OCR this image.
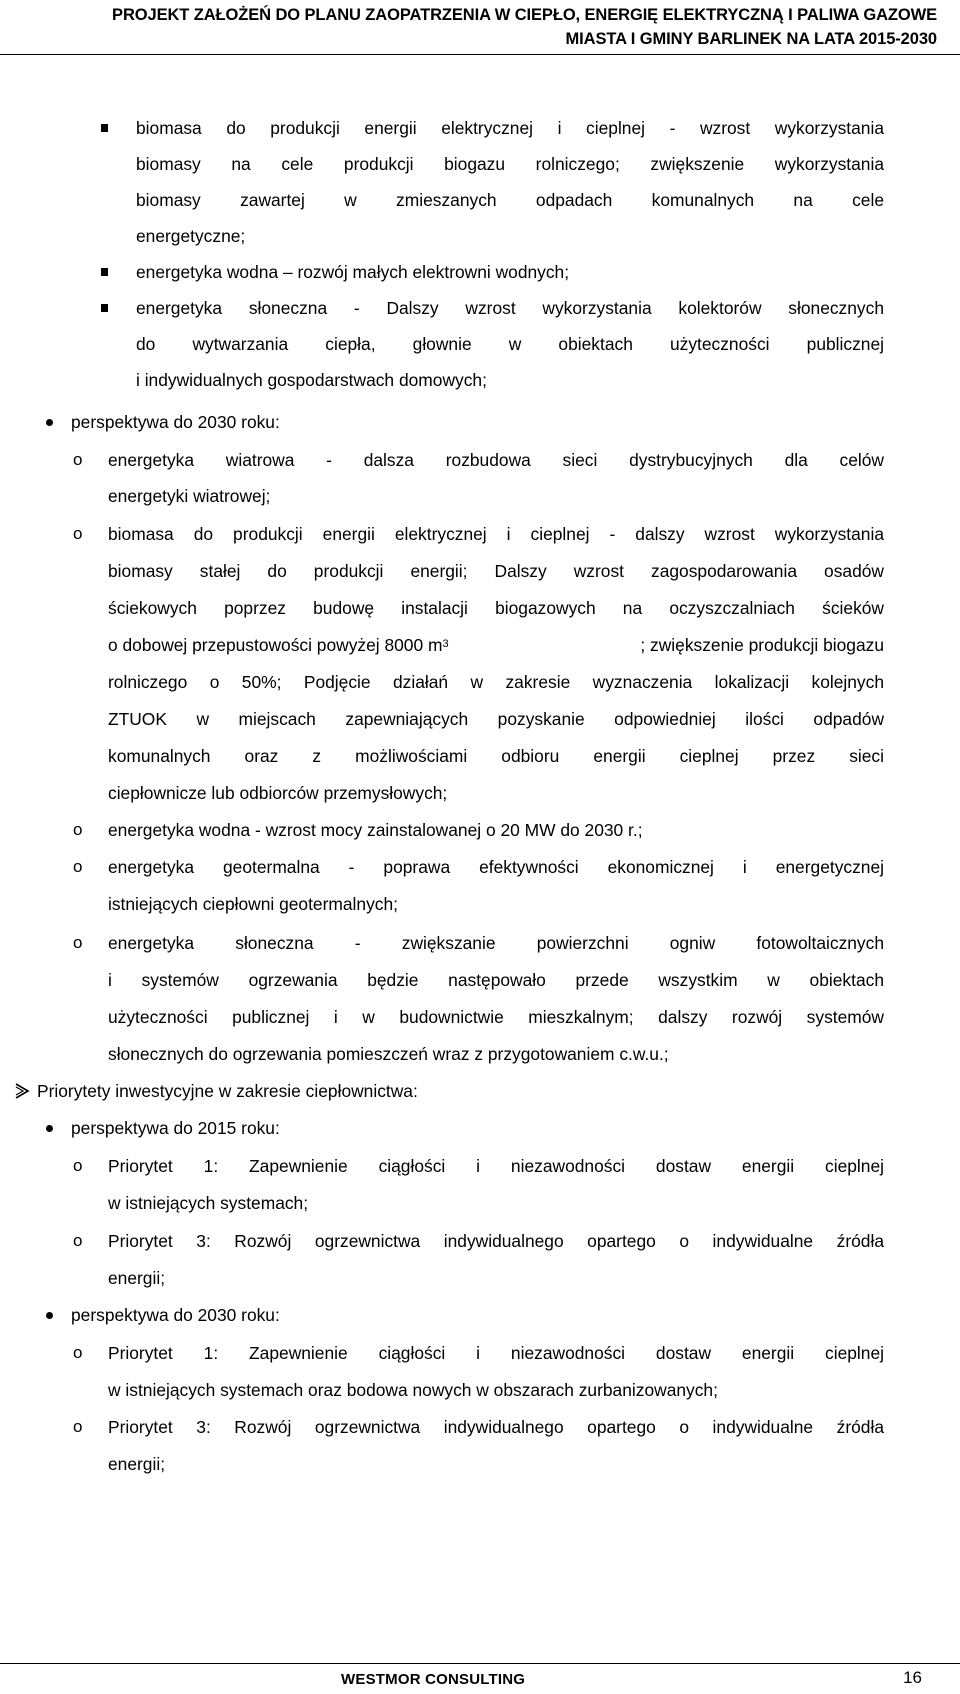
PROJEKT ZAŁOŻEŃ DO PLANU ZAOPATRZENIA W CIEPŁO, ENERGIĘ ELEKTRYCZNĄ I PALIWA GAZOWE
MIASTA I GMINY BARLINEK NA LATA 2015-2030
biomasa do produkcji energii elektrycznej i cieplnej - wzrost wykorzystania
biomasy na cele produkcji biogazu rolniczego; zwiększenie wykorzystania
biomasy zawartej w zmieszanych odpadach komunalnych na cele
energetyczne;
energetyka wodna – rozwój małych elektrowni wodnych;
energetyka słoneczna - Dalszy wzrost wykorzystania kolektorów słonecznych
do wytwarzania ciepła, głownie w obiektach użyteczności publicznej
i indywidualnych gospodarstwach domowych;
perspektywa do 2030 roku:
o energetyka wiatrowa - dalsza rozbudowa sieci dystrybucyjnych dla celów
energetyki wiatrowej;
o biomasa do produkcji energii elektrycznej i cieplnej - dalszy wzrost wykorzystania
biomasy stałej do produkcji energii; Dalszy wzrost zagospodarowania osadów
ściekowych poprzez budowę instalacji biogazowych na oczyszczalniach ścieków
o dobowej przepustowości powyżej 8000 $m^3$	; zwiększenie produkcji biogazu
rolniczego o 50%; Podjęcie działań w zakresie wyznaczenia lokalizacji kolejnych
ZTUOK w miejscach zapewniających pozyskanie odpowiedniej ilości odpadów
komunalnych oraz z możliwościami odbioru energii cieplnej przez sieci
ciepłownicze lub odbiorców przemysłowych;
o energetyka wodna - wzrost mocy zainstalowanej o 20 MW do 2030 r.;
o energetyka geotermalna - poprawa efektywności ekonomicznej i energetycznej
istniejących ciepłowni geotermalnych;
o energetyka słoneczna - zwiększanie powierzchni ogniw fotowoltaicznych
i systemów ogrzewania będzie następowało przede wszystkim w obiektach
użyteczności publicznej i w budownictwie mieszkalnym; dalszy rozwój systemów
słonecznych do ogrzewania pomieszczeń wraz z przygotowaniem c.w.u.;
Priorytety inwestycyjne w zakresie ciepłownictwa:
perspektywa do 2015 roku:
o Priorytet 1: Zapewnienie ciągłości i niezawodności dostaw energii cieplnej
w istniejących systemach;
o Priorytet 3: Rozwój ogrzewnictwa indywidualnego opartego o indywidualne źródła
energii;
perspektywa do 2030 roku:
o Priorytet 1: Zapewnienie ciągłości i niezawodności dostaw energii cieplnej
w istniejących systemach oraz bodowa nowych w obszarach zurbanizowanych;
o Priorytet 3: Rozwój ogrzewnictwa indywidualnego opartego o indywidualne źródła
energii;
WESTMOR CONSULTING	16
